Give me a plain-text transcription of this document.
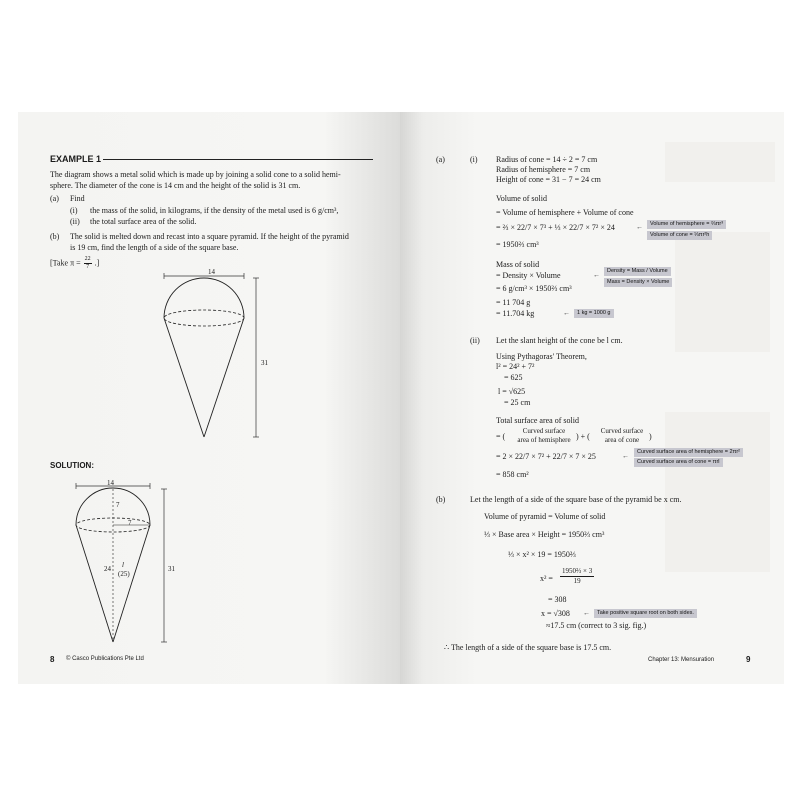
EXAMPLE 1
The diagram shows a metal solid which is made up by joining a solid cone to a solid hemi-
sphere. The diameter of the cone is 14 cm and the height of the solid is 31 cm.
(a) Find
(i) the mass of the solid, in kilograms, if the density of the metal used is 6 g/cm³,
(ii) the total surface area of the solid.
(b) The solid is melted down and recast into a square pyramid. If the height of the pyramid
is 19 cm, find the length of a side of the square base.
[Take $\pi = \frac{22}{7}$ .]
14
31
SOLUTION:
14
7
7
24 l
(25)
31
8 © Casco Publications Pte Ltd
(a)	(i) Radius of cone = 14 ÷ 2 = 7 cm
Radius of hemisphere = 7 cm
Height of cone = 31 − 7 = 24 cm
Volume of solid
= Volume of hemisphere + Volume of cone
= ⅔ × 22/7 × 7³ + ⅓ × 22/7 × 7² × 24
= 1950⅔ cm³
←	Volume of hemisphere = ⅔πr³
Volume of cone = ⅓πr²h
Mass of solid
= Density × Volume
= 6 g/cm³ × 1950⅔ cm³
= 11 704 g
= 11.704 kg
←	Density = Mass / Volume
Mass = Density × Volume
←	1 kg = 1000 g
(ii) Let the slant height of the cone be l cm.
Using Pythagoras' Theorem,
l² = 24² + 7²
= 625
l = √625
= 25 cm
Total surface area of solid
= (
Curved surface
area of hemisphere ) + (
Curved surface
area of cone	)
= 2 × 22/7 × 7² + 22/7 × 7 × 25
= 858 cm²
←	Curved surface area of hemisphere = 2πr²
Curved surface area of cone = πrl
(b)	Let the length of a side of the square base of the pyramid be x cm.
Volume of pyramid = Volume of solid
⅓ × Base area × Height = 1950⅔ cm³
⅓ × x² × 19 = 1950⅔
$x^2 = \frac{\text{1950⅔ × 3}}{19}$
= 308
x = √308
≈17.5 cm (correct to 3 sig. fig.)
←	Take positive square root on both sides.
∴ The length of a side of the square base is 17.5 cm.
Chapter 13: Mensuration	9
